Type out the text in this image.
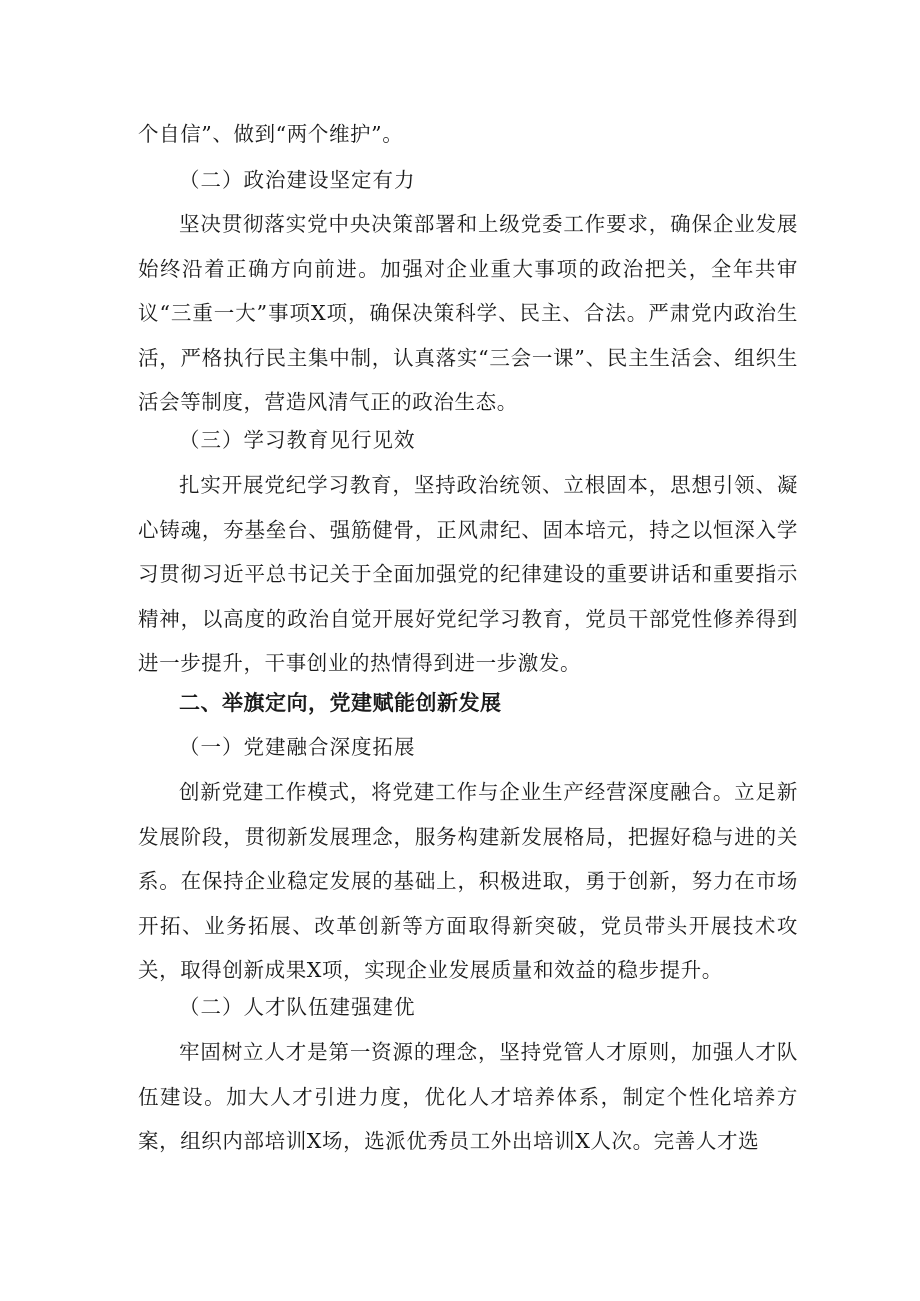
个自信”、做到“两个维护”。

（二）政治建设坚定有力

坚决贯彻落实党中央决策部署和上级党委工作要求，确保企业发展始终沿着正确方向前进。加强对企业重大事项的政治把关，全年共审议“三重一大”事项X项，确保决策科学、民主、合法。严肃党内政治生活，严格执行民主集中制，认真落实“三会一课”、民主生活会、组织生活会等制度，营造风清气正的政治生态。

（三）学习教育见行见效

扎实开展党纪学习教育，坚持政治统领、立根固本，思想引领、凝心铸魂，夯基垒台、强筋健骨，正风肃纪、固本培元，持之以恒深入学习贯彻习近平总书记关于全面加强党的纪律建设的重要讲话和重要指示精神，以高度的政治自觉开展好党纪学习教育，党员干部党性修养得到进一步提升，干事创业的热情得到进一步激发。

二、举旗定向，党建赋能创新发展

（一）党建融合深度拓展

创新党建工作模式，将党建工作与企业生产经营深度融合。立足新发展阶段，贯彻新发展理念，服务构建新发展格局，把握好稳与进的关系。在保持企业稳定发展的基础上，积极进取，勇于创新，努力在市场开拓、业务拓展、改革创新等方面取得新突破，党员带头开展技术攻关，取得创新成果X项，实现企业发展质量和效益的稳步提升。

（二）人才队伍建强建优

牢固树立人才是第一资源的理念，坚持党管人才原则，加强人才队伍建设。加大人才引进力度，优化人才培养体系，制定个性化培养方案，组织内部培训X场，选派优秀员工外出培训X人次。完善人才选
